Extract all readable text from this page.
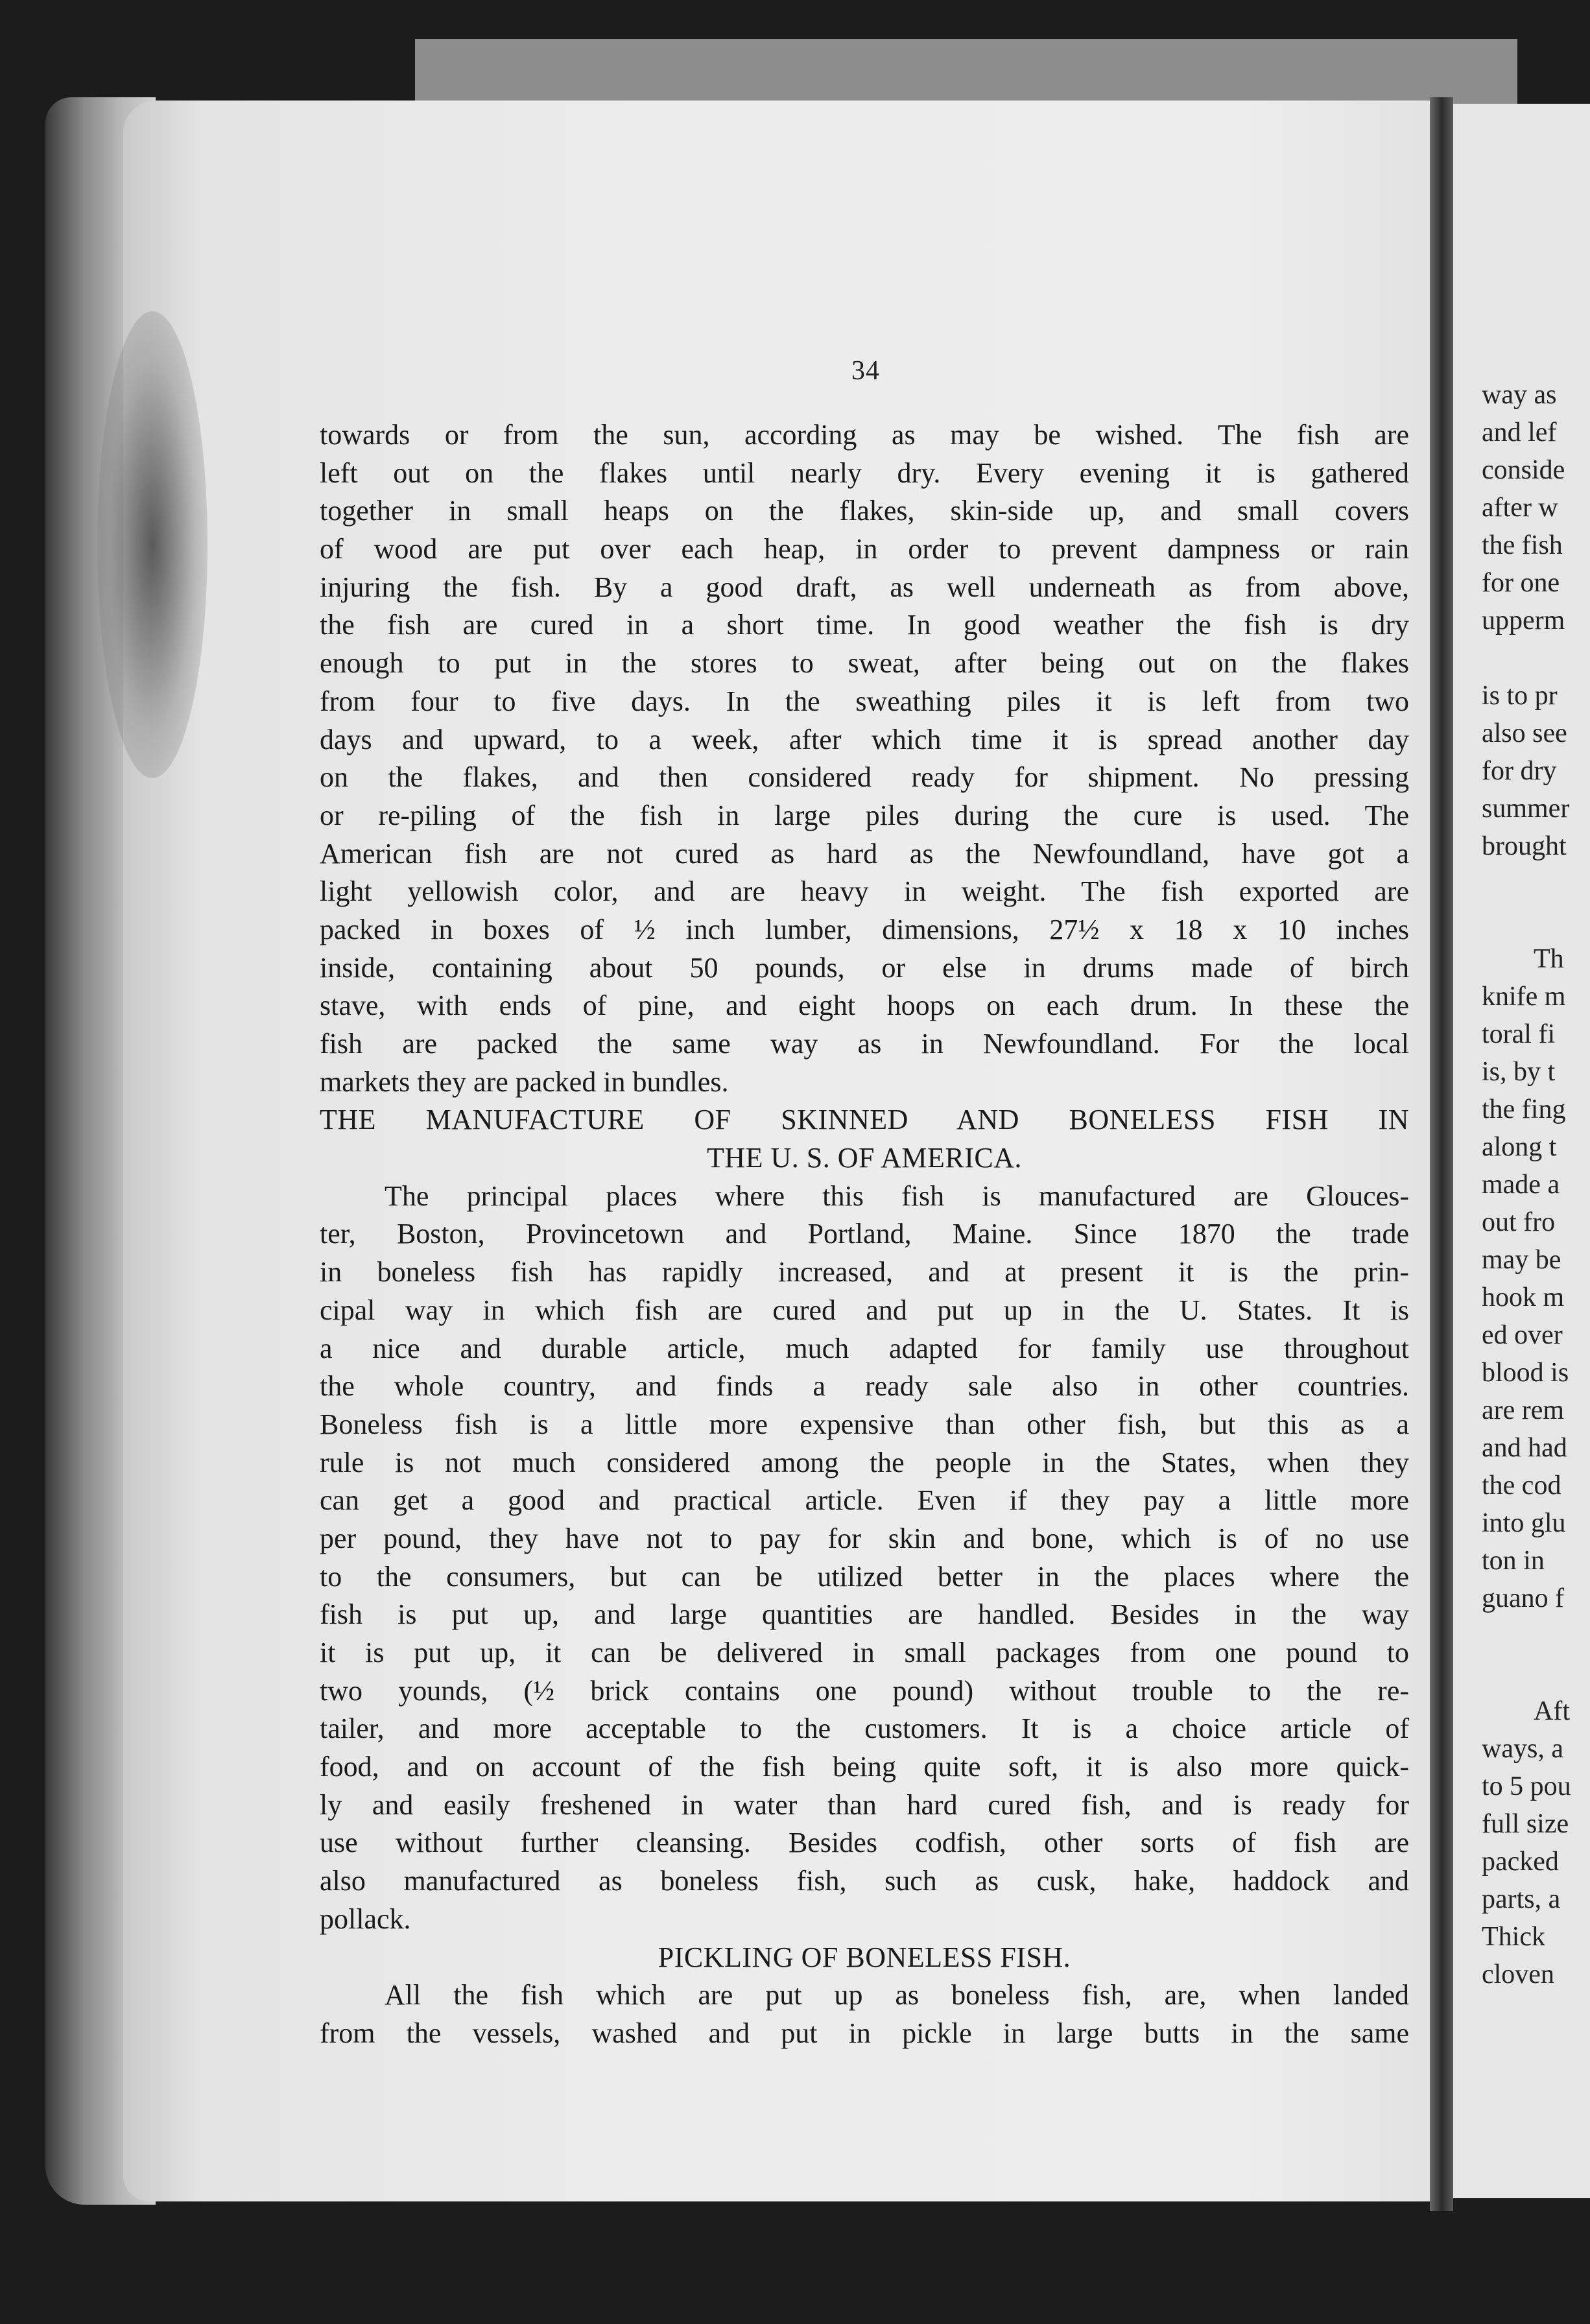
34
towards or from the sun, according as may be wished. The fish are
left out on the flakes until nearly dry. Every evening it is gathered
together in small heaps on the flakes, skin-side up, and small covers
of wood are put over each heap, in order to prevent dampness or rain
injuring the fish. By a good draft, as well underneath as from above,
the fish are cured in a short time. In good weather the fish is dry
enough to put in the stores to sweat, after being out on the flakes
from four to five days. In the sweathing piles it is left from two
days and upward, to a week, after which time it is spread another day
on the flakes, and then considered ready for shipment. No pressing
or re-piling of the fish in large piles during the cure is used. The
American fish are not cured as hard as the Newfoundland, have got a
light yellowish color, and are heavy in weight. The fish exported are
packed in boxes of ½ inch lumber, dimensions, 27½ x 18 x 10 inches
inside, containing about 50 pounds, or else in drums made of birch
stave, with ends of pine, and eight hoops on each drum. In these the
fish are packed the same way as in Newfoundland. For the local
markets they are packed in bundles.
THE MANUFACTURE OF SKINNED AND BONELESS FISH IN
THE U. S. OF AMERICA.
The principal places where this fish is manufactured are Glouces-
ter, Boston, Provincetown and Portland, Maine. Since 1870 the trade
in boneless fish has rapidly increased, and at present it is the prin-
cipal way in which fish are cured and put up in the U. States. It is
a nice and durable article, much adapted for family use throughout
the whole country, and finds a ready sale also in other countries.
Boneless fish is a little more expensive than other fish, but this as a
rule is not much considered among the people in the States, when they
can get a good and practical article. Even if they pay a little more
per pound, they have not to pay for skin and bone, which is of no use
to the consumers, but can be utilized better in the places where the
fish is put up, and large quantities are handled. Besides in the way
it is put up, it can be delivered in small packages from one pound to
two younds, (½ brick contains one pound) without trouble to the re-
tailer, and more acceptable to the customers. It is a choice article of
food, and on account of the fish being quite soft, it is also more quick-
ly and easily freshened in water than hard cured fish, and is ready for
use without further cleansing. Besides codfish, other sorts of fish are
also manufactured as boneless fish, such as cusk, hake, haddock and
pollack.
PICKLING OF BONELESS FISH.
All the fish which are put up as boneless fish, are, when landed
from the vessels, washed and put in pickle in large butts in the same
way as
and lef
conside
after w
the fish
for one
upperm
is to pr
also see
for dry
summer
brought
Th
knife m
toral fi
is, by t
the fing
along t
made a
out fro
may be
hook m
ed over
blood is
are rem
and had
the cod
into glu
ton in
guano f
Aft
ways, a
to 5 pou
full size
packed
parts, a
Thick
cloven
